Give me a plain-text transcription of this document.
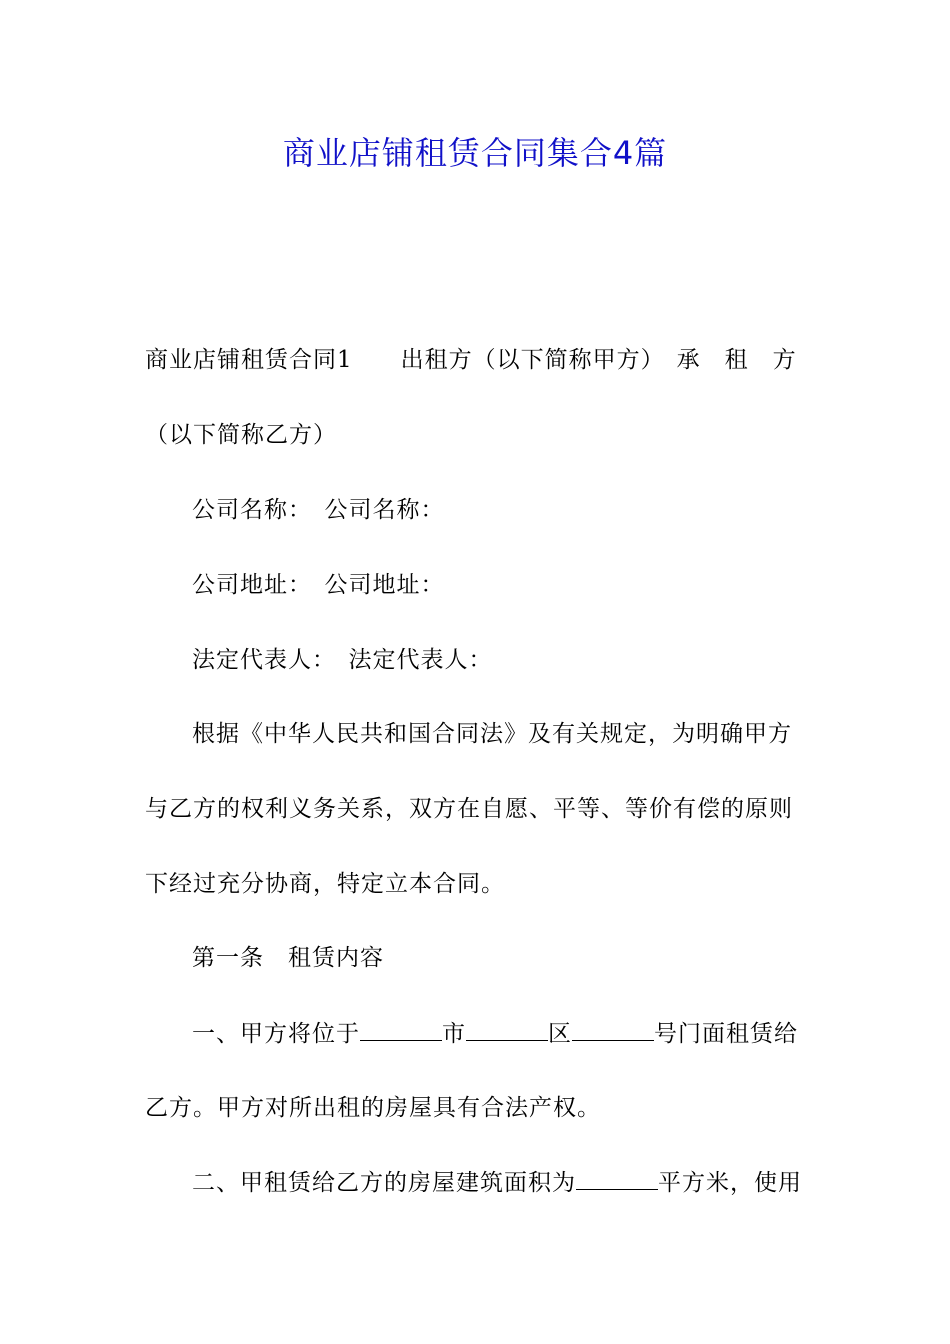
商业店铺租赁合同集合4篇
商业店铺租赁合同1 出租方（以下简称甲方） 承　租　方
（以下简称乙方）
公司名称：　公司名称：
公司地址：　公司地址：
法定代表人：　法定代表人：
根据《中华人民共和国合同法》及有关规定，为明确甲方
与乙方的权利义务关系，双方在自愿、平等、等价有偿的原则
下经过充分协商，特定立本合同。
第一条　租赁内容
一、甲方将位于	市	区	号门面租赁给
乙方。甲方对所出租的房屋具有合法产权。
二、甲租赁给乙方的房屋建筑面积为	平方米，使用
